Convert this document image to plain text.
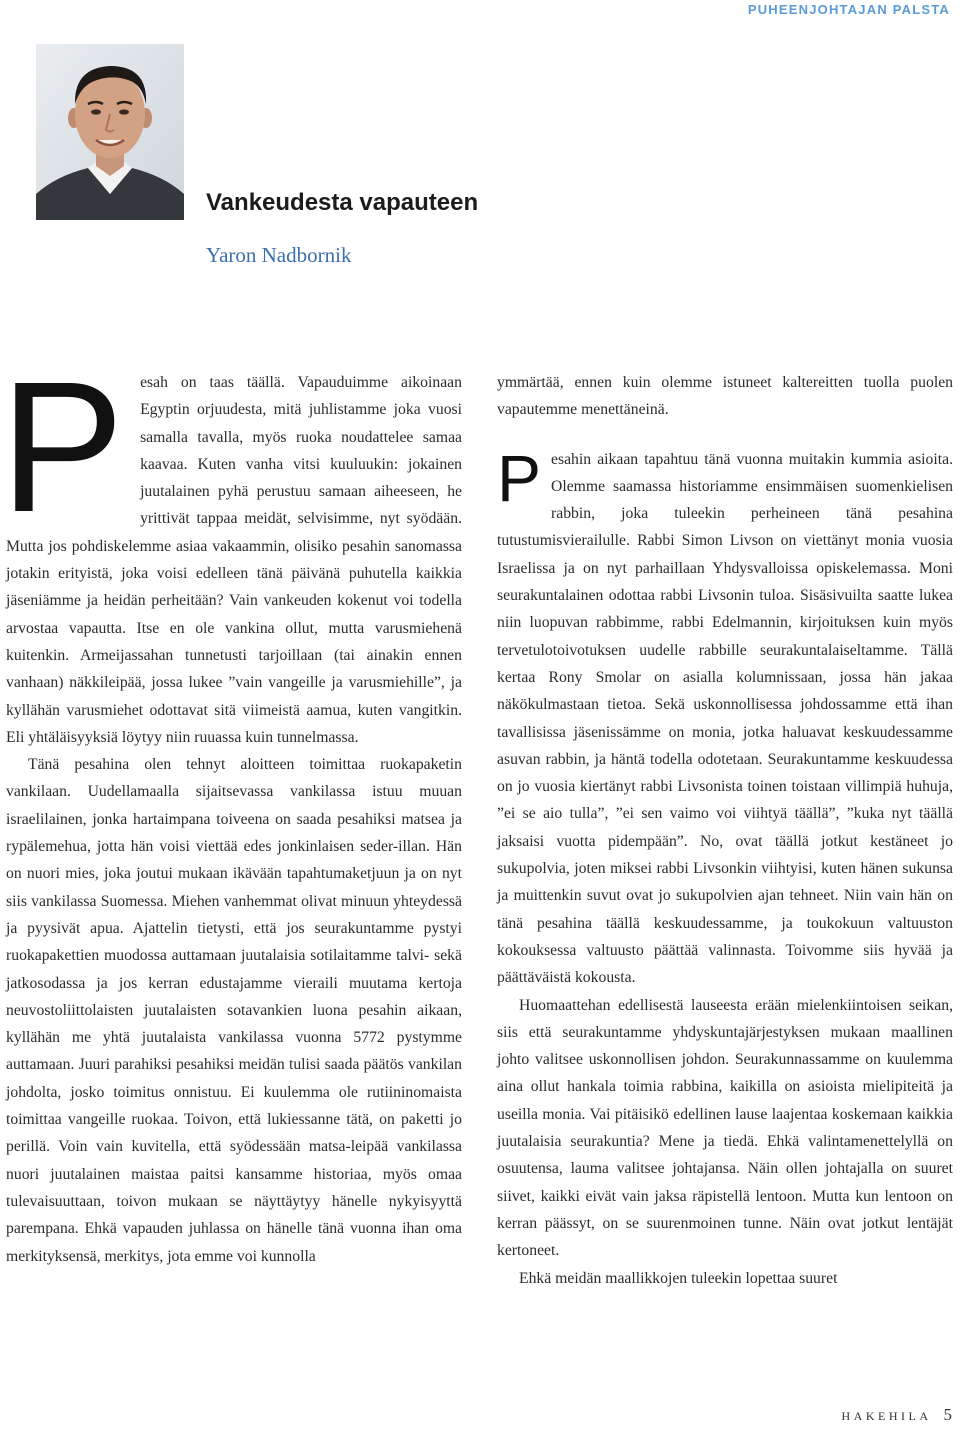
PUHEENJOHTAJAN PALSTA
Vankeudesta vapauteen
Yaron Nadbornik
P	esah on taas täällä. Vapauduimme aikoinaan Egyptin orjuudesta, mitä juhlistamme joka vuosi samalla tavalla, myös ruoka noudattelee samaa kaavaa. Kuten vanha vitsi kuuluukin: jokainen juutalainen pyhä perustuu samaan aiheeseen, he yrittivät tappaa meidät, selvisimme, nyt syödään. Mutta jos pohdiskelemme asiaa vakaammin, olisiko pesahin sanomassa jotakin erityistä, joka voisi edelleen tänä päivänä puhutella kaikkia jäseniämme ja heidän perheitään? Vain vankeuden kokenut voi todella arvostaa vapautta. Itse en ole vankina ollut, mutta varusmiehenä kuitenkin. Armeijassahan tunnetusti tarjoillaan (tai ainakin ennen vanhaan) näkkileipää, jossa lukee ”vain vangeille ja varusmiehille”, ja kyllähän varusmiehet odottavat sitä viimeistä aamua, kuten vangitkin. Eli yhtäläisyyksiä löytyy niin ruuassa kuin tunnelmassa.

Tänä pesahina olen tehnyt aloitteen toimittaa ruokapaketin vankilaan. Uudellamaalla sijaitsevassa vankilassa istuu muuan israelilainen, jonka hartaimpana toiveena on saada pesahiksi matsea ja rypälemehua, jotta hän voisi viettää edes jonkinlaisen seder-illan. Hän on nuori mies, joka joutui mukaan ikävään tapahtumaketjuun ja on nyt siis vankilassa Suomessa. Miehen vanhemmat olivat minuun yhteydessä ja pyysivät apua. Ajattelin tietysti, että jos seurakuntamme pystyi ruokapakettien muodossa auttamaan juutalaisia sotilaitamme talvi- sekä jatkosodassa ja jos kerran edustajamme vieraili muutama kertoja neuvostoliittolaisten juutalaisten sotavankien luona pesahin aikaan, kyllähän me yhtä juutalaista vankilassa vuonna 5772 pystymme auttamaan. Juuri parahiksi pesahiksi meidän tulisi saada päätös vankilan johdolta, josko toimitus onnistuu. Ei kuulemma ole rutiininomaista toimittaa vangeille ruokaa. Toivon, että lukiessanne tätä, on paketti jo perillä. Voin vain kuvitella, että syödessään matsa-leipää vankilassa nuori juutalainen maistaa paitsi kansamme historiaa, myös omaa tulevaisuuttaan, toivon mukaan se näyttäytyy hänelle nykyisyyttä parempana. Ehkä vapauden juhlassa on hänelle tänä vuonna ihan oma merkityksensä, merkitys, jota emme voi kunnolla

ymmärtää, ennen kuin olemme istuneet kaltereitten tuolla puolen vapautemme menettäneinä.

Pesahin aikaan tapahtuu tänä vuonna muitakin kummia asioita. Olemme saamassa historiamme ensimmäisen suomenkielisen rabbin, joka tuleekin perheineen tänä pesahina tutustumisvierailulle. Rabbi Simon Livson on viettänyt monia vuosia Israelissa ja on nyt parhaillaan Yhdysvalloissa opiskelemassa. Moni seurakuntalainen odottaa rabbi Livsonin tuloa. Sisäsivuilta saatte lukea niin luopuvan rabbimme, rabbi Edelmannin, kirjoituksen kuin myös tervetulotoivotuksen uudelle rabbille seurakuntalaiseltamme. Tällä kertaa Rony Smolar on asialla kolumnissaan, jossa hän jakaa näkökulmastaan tietoa. Sekä uskonnollisessa johdossamme että ihan tavallisissa jäsenissämme on monia, jotka haluavat keskuudessamme asuvan rabbin, ja häntä todella odotetaan. Seurakuntamme keskuudessa on jo vuosia kiertänyt rabbi Livsonista toinen toistaan villimpiä huhuja, ”ei se aio tulla”, ”ei sen vaimo voi viihtyä täällä”, ”kuka nyt täällä jaksaisi vuotta pidempään”. No, ovat täällä jotkut kestäneet jo sukupolvia, joten miksei rabbi Livsonkin viihtyisi, kuten hänen sukunsa ja muittenkin suvut ovat jo sukupolvien ajan tehneet. Niin vain hän on tänä pesahina täällä keskuudessamme, ja toukokuun valtuuston kokouksessa valtuusto päättää valinnasta. Toivomme siis hyvää ja päättäväistä kokousta.

Huomaattehan edellisestä lauseesta erään mielenkiintoisen seikan, siis että seurakuntamme yhdyskuntajärjestyksen mukaan maallinen johto valitsee uskonnollisen johdon. Seurakunnassamme on kuulemma aina ollut hankala toimia rabbina, kaikilla on asioista mielipiteitä ja useilla monia. Vai pitäisikö edellinen lause laajentaa koskemaan kaikkia juutalaisia seurakuntia? Mene ja tiedä. Ehkä valintamenettelyllä on osuutensa, lauma valitsee johtajansa. Näin ollen johtajalla on suuret siivet, kaikki eivät vain jaksa räpistellä lentoon. Mutta kun lentoon on kerran päässyt, on se suurenmoinen tunne. Näin ovat jotkut lentäjät kertoneet.

Ehkä meidän maallikkojen tuleekin lopettaa suuret

HAKEHILA 5
